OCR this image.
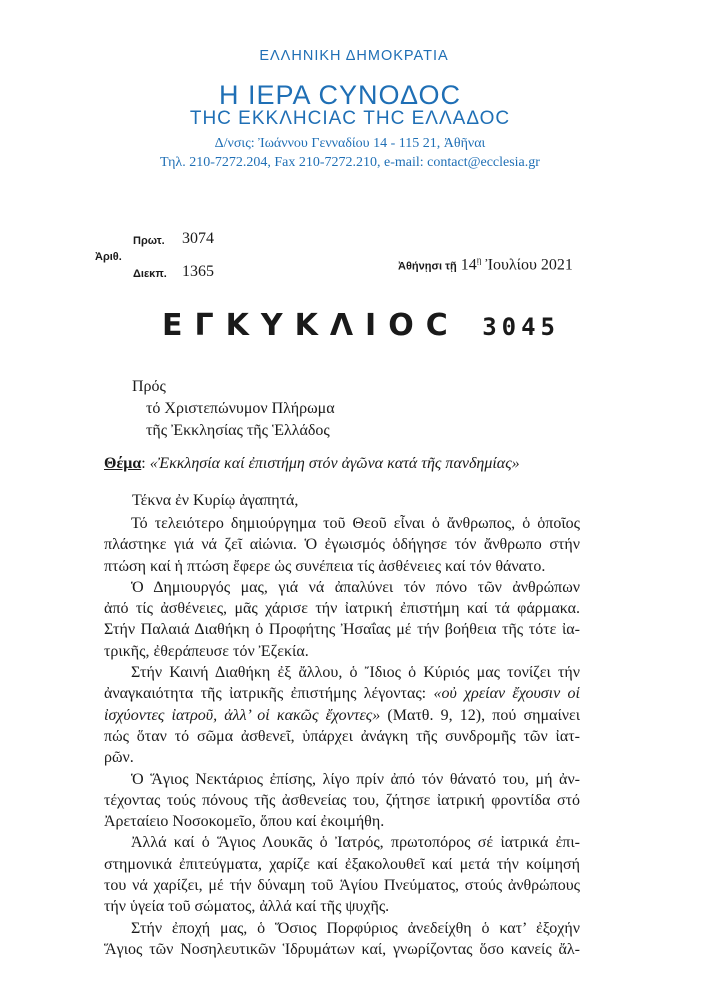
ΕΛΛΗΝΙΚΗ ΔΗΜΟΚΡΑΤΙΑ
Η ΙΕΡΑ CΥΝΟΔΟC
ΤΗC ΕΚΚΛΗCΙΑC ΤΗC ΕΛΛΑΔΟC
Δ/νσις: Ἰωάννου Γενναδίου 14 - 115 21, Ἀθῆναι
Τηλ. 210-7272.204, Fax 210-7272.210, e-mail: contact@ecclesia.gr
Πρωτ. 3074
Ἀριθ.
Διεκπ. 1365	Ἀθήνῃσι τῇ $14^ῃ$ Ἰουλίου 2021
ΕΓΚΥΚΛΙΟC 3045
Πρός
τό Χριστεπώνυμον Πλήρωμα
τῆς Ἐκκλησίας τῆς Ἑλλάδος
Θέμα: «Ἐκκλησία καί ἐπιστήμη στόν ἀγῶνα κατά τῆς πανδημίας»
Τέκνα ἐν Κυρίῳ ἀγαπητά,
Τό τελειότερο δημιούργημα τοῦ Θεοῦ εἶναι ὁ ἄνθρωπος, ὁ ὁποῖος
πλάστηκε γιά νά ζεῖ αἰώνια. Ὁ ἐγωισμός ὁδήγησε τόν ἄνθρωπο στήν
πτώση καί ἡ πτώση ἔφερε ὡς συνέπεια τίς ἀσθένειες καί τόν θάνατο.
Ὁ Δημιουργός μας, γιά νά ἀπαλύνει τόν πόνο τῶν ἀνθρώπων
ἀπό τίς ἀσθένειες, μᾶς χάρισε τήν ἰατρική ἐπιστήμη καί τά φάρμακα.
Στήν Παλαιά Διαθήκη ὁ Προφήτης Ἠσαΐας μέ τήν βοήθεια τῆς τότε ἰα-
τρικῆς, ἐθεράπευσε τόν Ἐζεκία.
Στήν Καινή Διαθήκη ἐξ ἄλλου, ὁ Ἴδιος ὁ Κύριός μας τονίζει τήν
ἀναγκαιότητα τῆς ἰατρικῆς ἐπιστήμης λέγοντας: «οὐ χρείαν ἔχουσιν οἱ
ἰσχύοντες ἰατροῦ, ἀλλ’ οἱ κακῶς ἔχοντες» (Ματθ. 9, 12), πού σημαίνει
πώς ὅταν τό σῶμα ἀσθενεῖ, ὑπάρχει ἀνάγκη τῆς συνδρομῆς τῶν ἰατ-
ρῶν.
Ὁ Ἅγιος Νεκτάριος ἐπίσης, λίγο πρίν ἀπό τόν θάνατό του, μή ἀν-
τέχοντας τούς πόνους τῆς ἀσθενείας του, ζήτησε ἰατρική φροντίδα στό
Ἀρεταίειο Νοσοκομεῖο, ὅπου καί ἐκοιμήθη.
Ἀλλά καί ὁ Ἅγιος Λουκᾶς ὁ Ἰατρός, πρωτοπόρος σέ ἰατρικά ἐπι-
στημονικά ἐπιτεύγματα, χαρίζε καί ἐξακολουθεῖ καί μετά τήν κοίμησή
του νά χαρίζει, μέ τήν δύναμη τοῦ Ἁγίου Πνεύματος, στούς ἀνθρώπους
τήν ὑγεία τοῦ σώματος, ἀλλά καί τῆς ψυχῆς.
Στήν ἐποχή μας, ὁ Ὅσιος Πορφύριος ἀνεδείχθη ὁ κατ’ ἐξοχήν
Ἅγιος τῶν Νοσηλευτικῶν Ἱδρυμάτων καί, γνωρίζοντας ὅσο κανείς ἄλ-
